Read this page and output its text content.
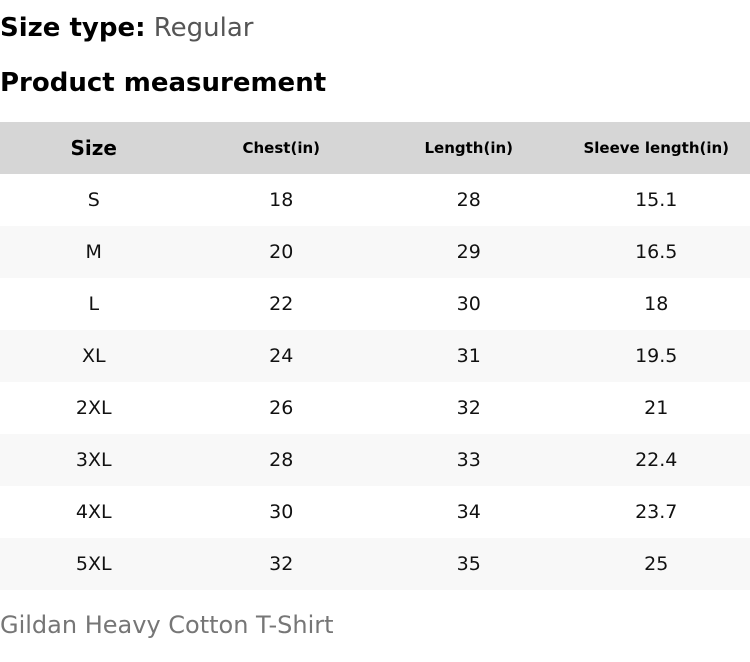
Size type: Regular
Product measurement
Size	Chest(in)	Length(in)	Sleeve length(in)
S	18	28	15.1
M	20	29	16.5
L	22	30	18
XL	24	31	19.5
2XL	26	32	21
3XL	28	33	22.4
4XL	30	34	23.7
5XL	32	35	25
Gildan Heavy Cotton T-Shirt
